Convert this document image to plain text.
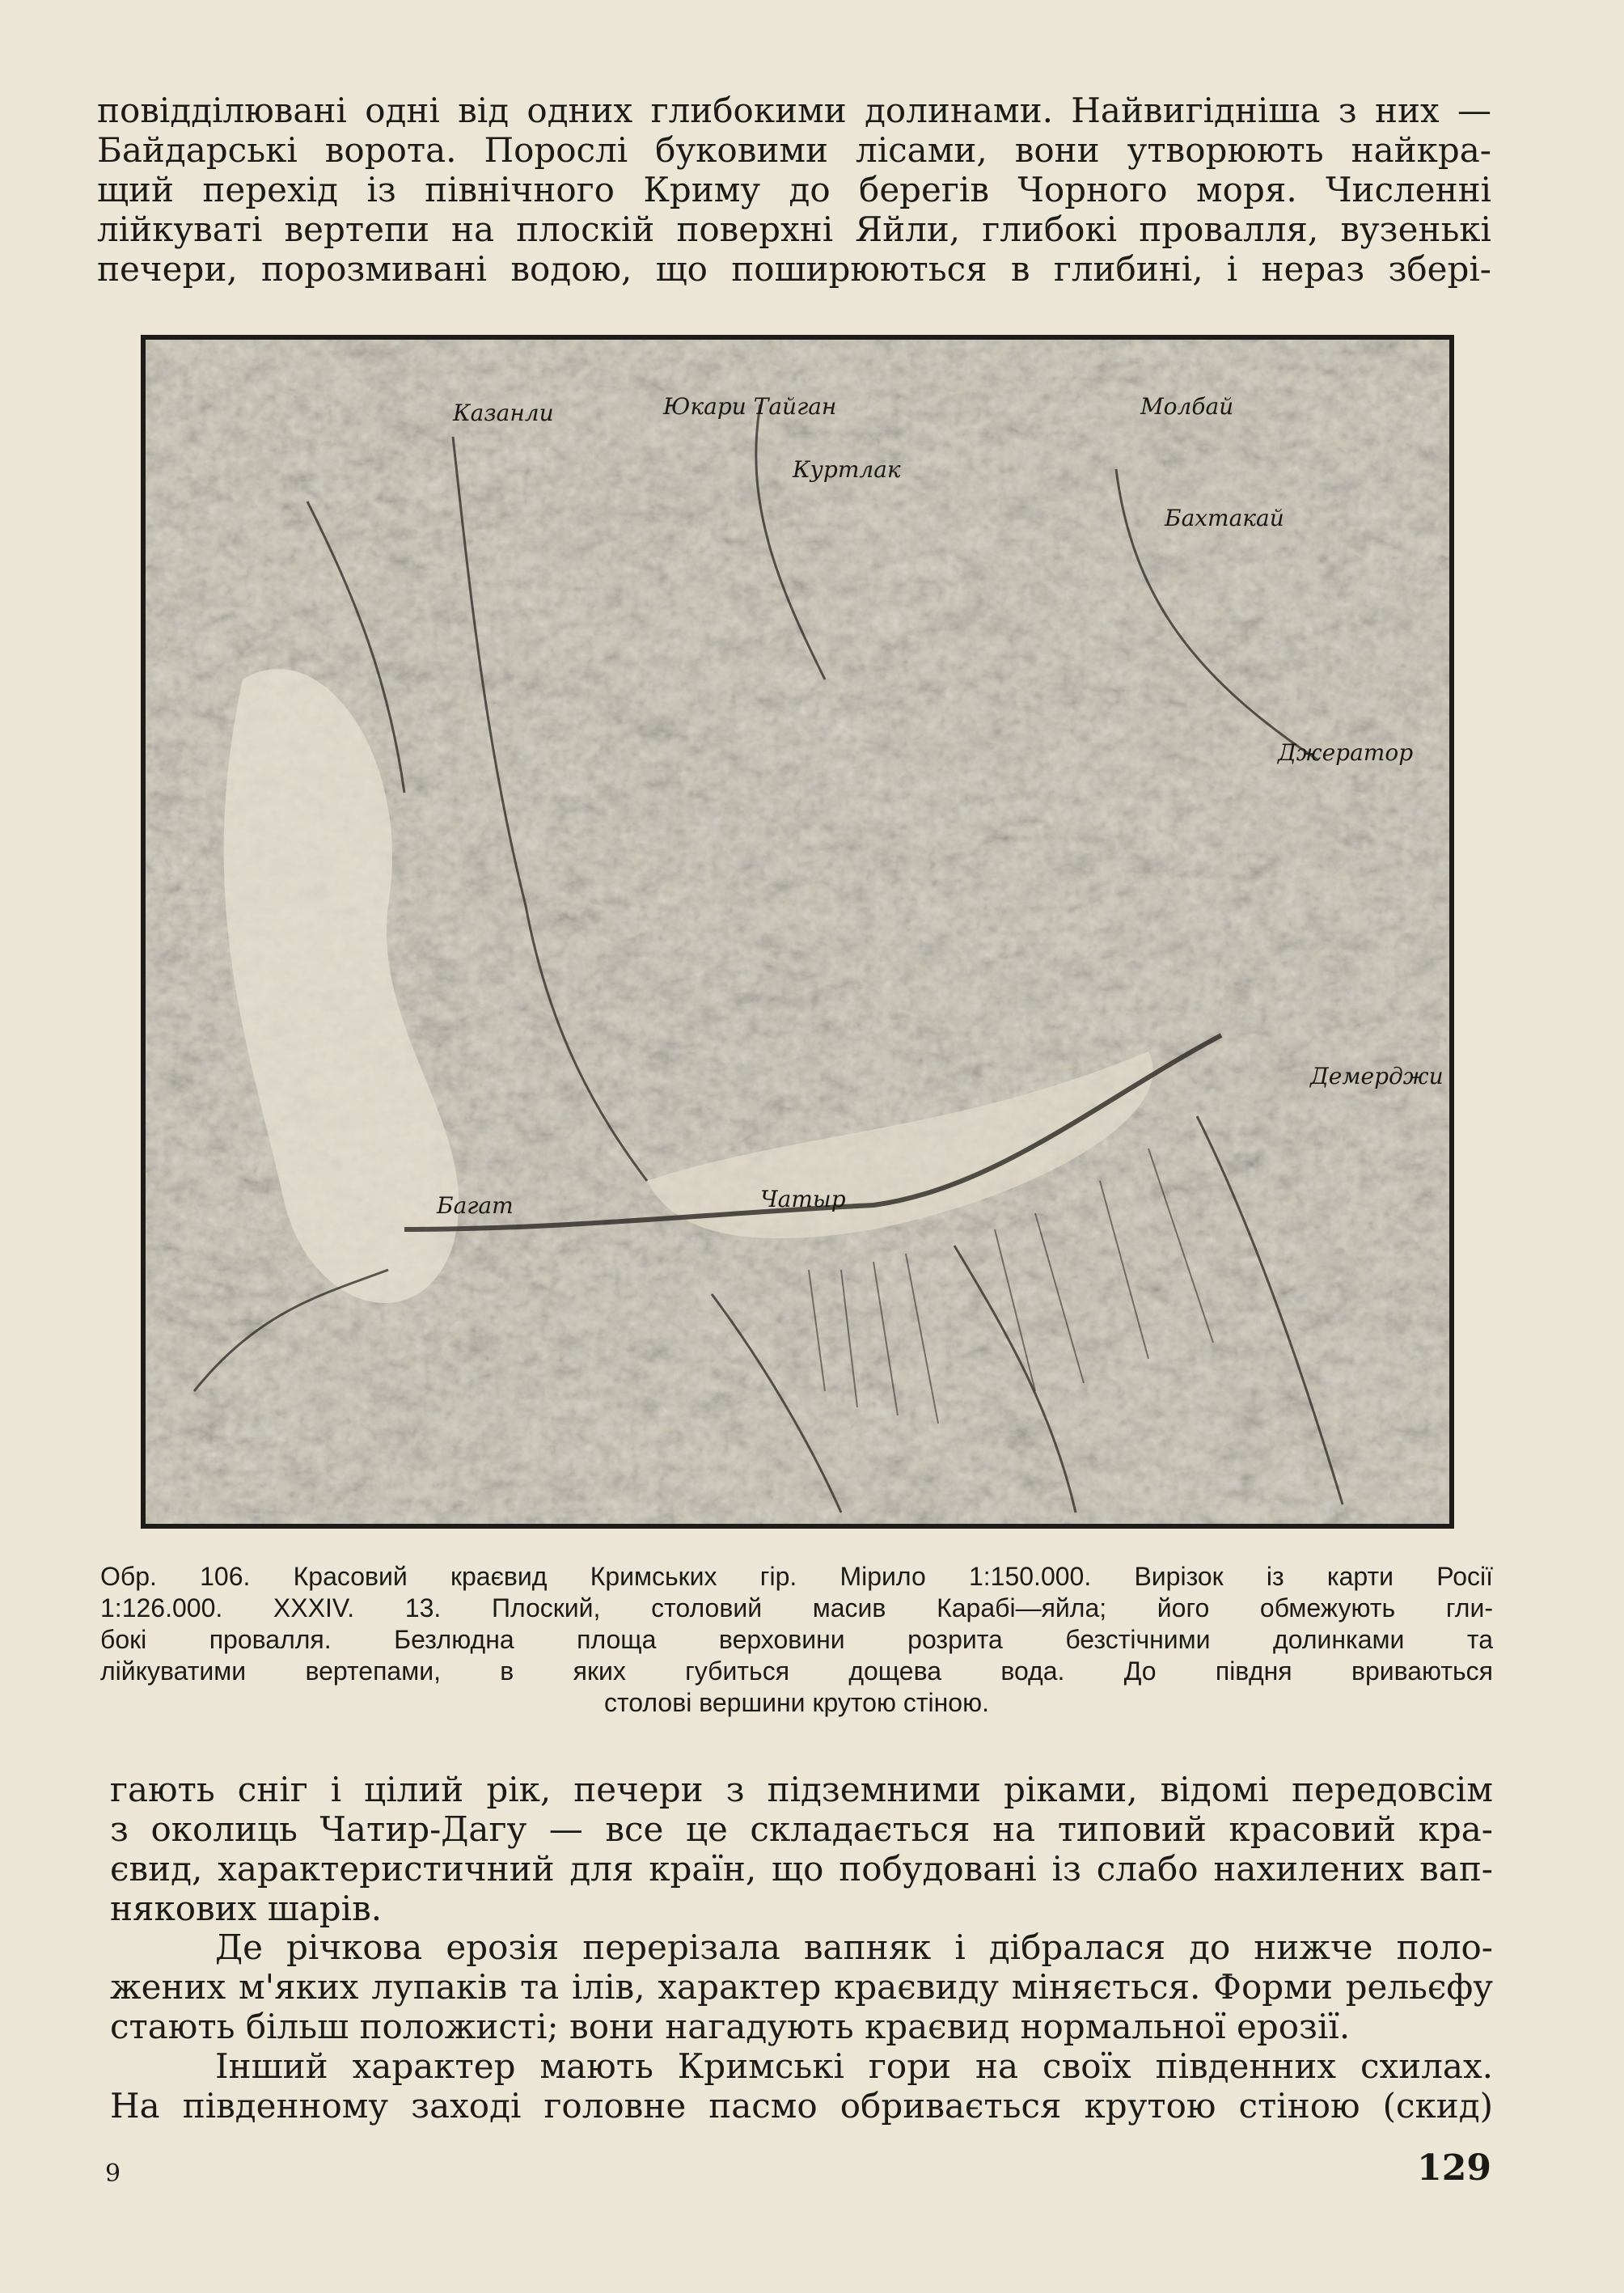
повідділювані одні від одних глибокими долинами. Найвигідніша з них —
Байдарські ворота. Порослі буковими лісами, вони утворюють найкра-
щий перехід із північного Криму до берегів Чорного моря. Численні
лійкуваті вертепи на плоскій поверхні Яйли, глибокі провалля, вузенькі
печери, порозмивані водою, що поширюються в глибині, і нераз збері-

Казанли	Юкари Тайган
Куртлак
Молбай
Бахтакай
Джератор
Багат	Чатыр
Демерджи

Обр. 106. Красовий краєвид Кримських гір. Мірило 1:150.000. Вирізок із карти Росії
1:126.000. XXXIV. 13. Плоский, столовий масив Карабі—яйла; його обмежують гли-
бокі провалля. Безлюдна площа верховини розрита безстічними долинками та
лійкуватими вертепами, в яких губиться дощева вода. До півдня вриваються
столові вершини крутою стіною.

гають сніг і цілий рік, печери з підземними ріками, відомі передовсім
з околиць Чатир-Дагу — все це складається на типовий красовий кра-
євид, характеристичний для країн, що побудовані із слабо нахилених вап-
някових шарів.

Де річкова ерозія перерізала вапняк і дібралася до нижче поло-
жених м'яких лупаків та ілів, характер краєвиду міняється. Форми рельєфу
стають більш положисті; вони нагадують краєвид нормальної ерозії.

Інший характер мають Кримські гори на своїх південних схилах.
На південному заході головне пасмо обривається крутою стіною (скид)

9	129
